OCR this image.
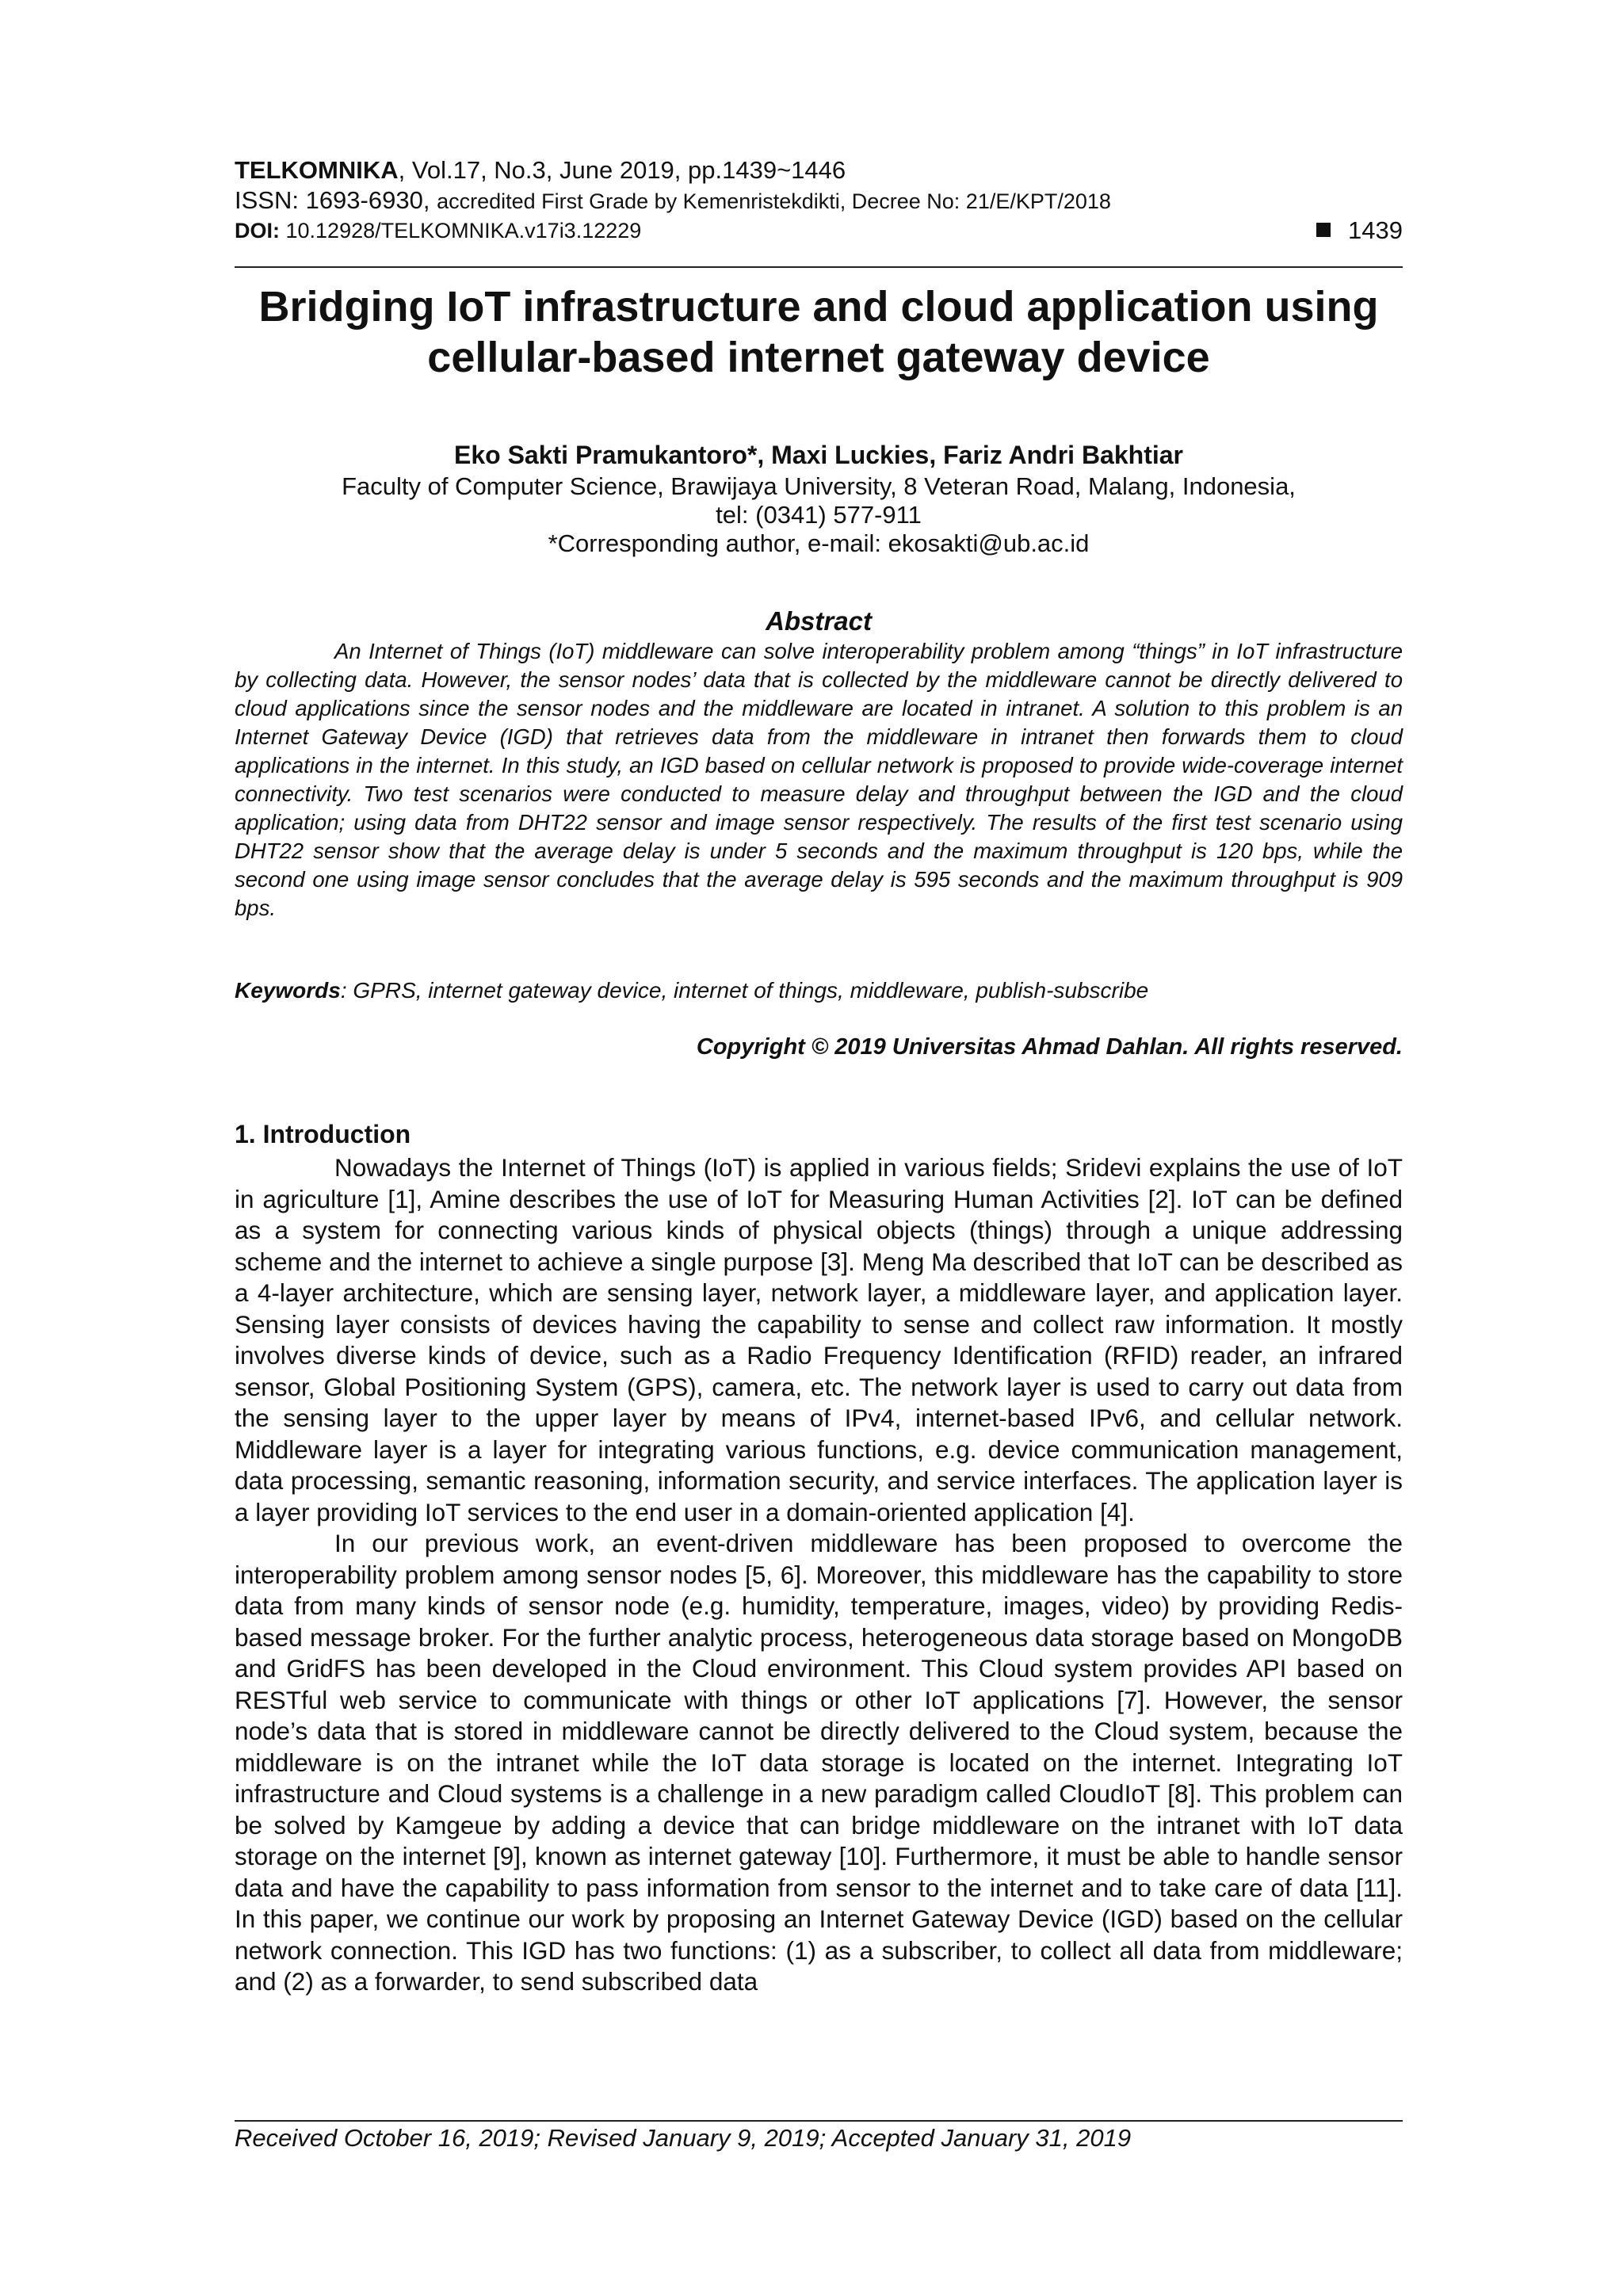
TELKOMNIKA, Vol.17, No.3, June 2019, pp.1439~1446
ISSN: 1693-6930, accredited First Grade by Kemenristekdikti, Decree No: 21/E/KPT/2018
DOI: 10.12928/TELKOMNIKA.v17i3.12229	1439
Bridging IoT infrastructure and cloud application using cellular-based internet gateway device
Eko Sakti Pramukantoro*, Maxi Luckies, Fariz Andri Bakhtiar
Faculty of Computer Science, Brawijaya University, 8 Veteran Road, Malang, Indonesia,
tel: (0341) 577-911
*Corresponding author, e-mail: ekosakti@ub.ac.id
Abstract
An Internet of Things (IoT) middleware can solve interoperability problem among “things” in IoT infrastructure by collecting data. However, the sensor nodes’ data that is collected by the middleware cannot be directly delivered to cloud applications since the sensor nodes and the middleware are located in intranet. A solution to this problem is an Internet Gateway Device (IGD) that retrieves data from the middleware in intranet then forwards them to cloud applications in the internet. In this study, an IGD based on cellular network is proposed to provide wide-coverage internet connectivity. Two test scenarios were conducted to measure delay and throughput between the IGD and the cloud application; using data from DHT22 sensor and image sensor respectively. The results of the first test scenario using DHT22 sensor show that the average delay is under 5 seconds and the maximum throughput is 120 bps, while the second one using image sensor concludes that the average delay is 595 seconds and the maximum throughput is 909 bps.
Keywords: GPRS, internet gateway device, internet of things, middleware, publish-subscribe
Copyright © 2019 Universitas Ahmad Dahlan. All rights reserved.
1. Introduction

Nowadays the Internet of Things (IoT) is applied in various fields; Sridevi explains the use of IoT in agriculture [1], Amine describes the use of IoT for Measuring Human Activities [2]. IoT can be defined as a system for connecting various kinds of physical objects (things) through a unique addressing scheme and the internet to achieve a single purpose [3]. Meng Ma described that IoT can be described as a 4-layer architecture, which are sensing layer, network layer, a middleware layer, and application layer. Sensing layer consists of devices having the capability to sense and collect raw information. It mostly involves diverse kinds of device, such as a Radio Frequency Identification (RFID) reader, an infrared sensor, Global Positioning System (GPS), camera, etc. The network layer is used to carry out data from the sensing layer to the upper layer by means of IPv4, internet-based IPv6, and cellular network. Middleware layer is a layer for integrating various functions, e.g. device communication management, data processing, semantic reasoning, information security, and service interfaces. The application layer is a layer providing IoT services to the end user in a domain-oriented application [4].

In our previous work, an event-driven middleware has been proposed to overcome the interoperability problem among sensor nodes [5, 6]. Moreover, this middleware has the capability to store data from many kinds of sensor node (e.g. humidity, temperature, images, video) by providing Redis-based message broker. For the further analytic process, heterogeneous data storage based on MongoDB and GridFS has been developed in the Cloud environment. This Cloud system provides API based on RESTful web service to communicate with things or other IoT applications [7]. However, the sensor node’s data that is stored in middleware cannot be directly delivered to the Cloud system, because the middleware is on the intranet while the IoT data storage is located on the internet. Integrating IoT infrastructure and Cloud systems is a challenge in a new paradigm called CloudIoT [8]. This problem can be solved by Kamgeue by adding a device that can bridge middleware on the intranet with IoT data storage on the internet [9], known as internet gateway [10]. Furthermore, it must be able to handle sensor data and have the capability to pass information from sensor to the internet and to take care of data [11]. In this paper, we continue our work by proposing an Internet Gateway Device (IGD) based on the cellular network connection. This IGD has two functions: (1) as a subscriber, to collect all data from middleware; and (2) as a forwarder, to send subscribed data

Received October 16, 2019; Revised January 9, 2019; Accepted January 31, 2019
